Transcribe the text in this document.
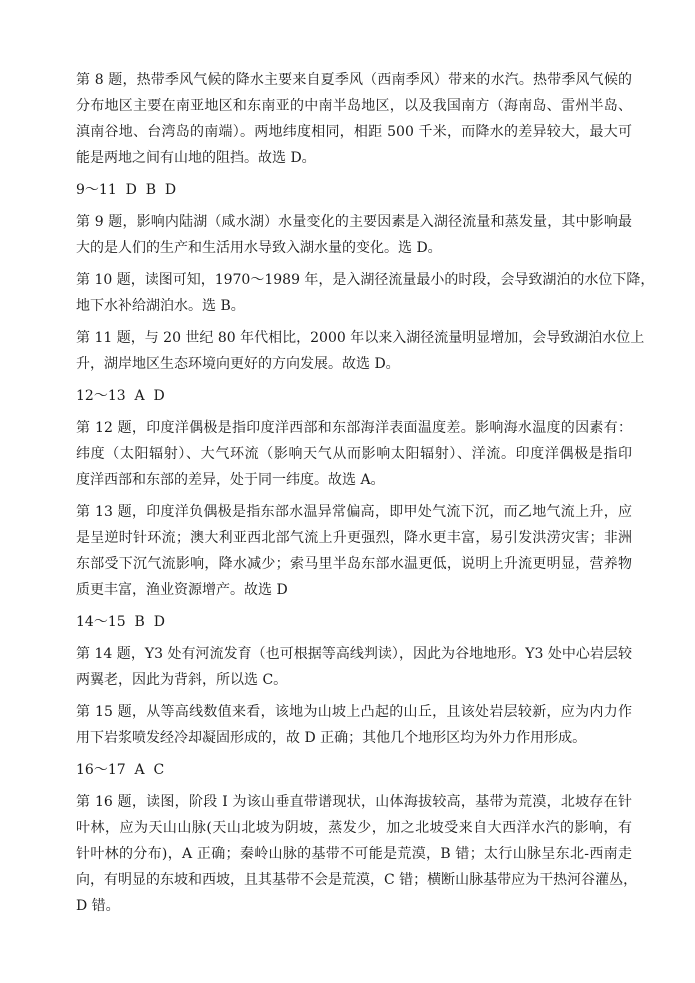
第 8 题，热带季风气候的降水主要来自夏季风（西南季风）带来的水汽。热带季风气候的

分布地区主要在南亚地区和东南亚的中南半岛地区，以及我国南方（海南岛、雷州半岛、

滇南谷地、台湾岛的南端）。两地纬度相同，相距 500 千米，而降水的差异较大，最大可

能是两地之间有山地的阻挡。故选 D。

9～11  D  B  D

第 9 题，影响内陆湖（咸水湖）水量变化的主要因素是入湖径流量和蒸发量，其中影响最

大的是人们的生产和生活用水导致入湖水量的变化。选 D。

第 10 题，读图可知，1970～1989 年，是入湖径流量最小的时段，会导致湖泊的水位下降，

地下水补给湖泊水。选 B。

第 11 题，与 20 世纪 80 年代相比，2000 年以来入湖径流量明显增加，会导致湖泊水位上

升，湖岸地区生态环境向更好的方向发展。故选 D。

12～13  A  D

第 12 题，印度洋偶极是指印度洋西部和东部海洋表面温度差。影响海水温度的因素有：

纬度（太阳辐射）、大气环流（影响天气从而影响太阳辐射）、洋流。印度洋偶极是指印

度洋西部和东部的差异，处于同一纬度。故选 A。

第 13 题，印度洋负偶极是指东部水温异常偏高，即甲处气流下沉，而乙地气流上升，应

是呈逆时针环流；澳大利亚西北部气流上升更强烈，降水更丰富，易引发洪涝灾害；非洲

东部受下沉气流影响，降水减少；索马里半岛东部水温更低，说明上升流更明显，营养物

质更丰富，渔业资源增产。故选 D

14～15  B  D

第 14 题，Y3 处有河流发育（也可根据等高线判读），因此为谷地地形。Y3 处中心岩层较

两翼老，因此为背斜，所以选 C。

第 15 题，从等高线数值来看，该地为山坡上凸起的山丘，且该处岩层较新，应为内力作

用下岩浆喷发经冷却凝固形成的，故 D 正确；其他几个地形区均为外力作用形成。

16～17  A  C

第 16 题，读图，阶段 I 为该山垂直带谱现状，山体海拔较高，基带为荒漠，北坡存在针

叶林，应为天山山脉(天山北坡为阴坡，蒸发少，加之北坡受来自大西洋水汽的影响，有

针叶林的分布)，A 正确；秦岭山脉的基带不可能是荒漠，B 错；太行山脉呈东北-西南走

向，有明显的东坡和西坡，且其基带不会是荒漠，C 错；横断山脉基带应为干热河谷灌丛，

D 错。
